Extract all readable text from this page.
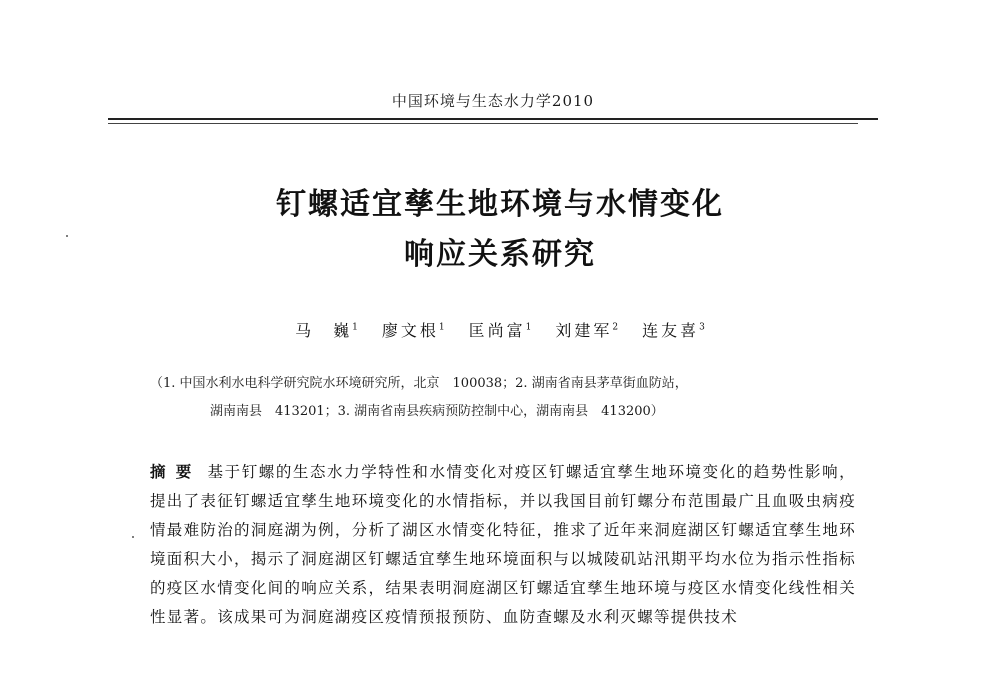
中国环境与生态水力学2010
钉螺适宜孳生地环境与水情变化
响应关系研究
马　巍$^1$ 廖文根$^1$ 匡尚富$^1$ 刘建军$^2$ 连友喜$^3$
（1. 中国水利水电科学研究院水环境研究所，北京　100038；2. 湖南省南县茅草街血防站，
湖南南县　413201；3. 湖南省南县疾病预防控制中心，湖南南县　413200）
摘要 基于钉螺的生态水力学特性和水情变化对疫区钉螺适宜孳生地环境变化的趋势性影响，提出了表征钉螺适宜孳生地环境变化的水情指标，并以我国目前钉螺分布范围最广且血吸虫病疫情最难防治的洞庭湖为例，分析了湖区水情变化特征，推求了近年来洞庭湖区钉螺适宜孳生地环境面积大小，揭示了洞庭湖区钉螺适宜孳生地环境面积与以城陵矶站汛期平均水位为指示性指标的疫区水情变化间的响应关系，结果表明洞庭湖区钉螺适宜孳生地环境与疫区水情变化线性相关性显著。该成果可为洞庭湖疫区疫情预报预防、血防查螺及水利灭螺等提供技术
